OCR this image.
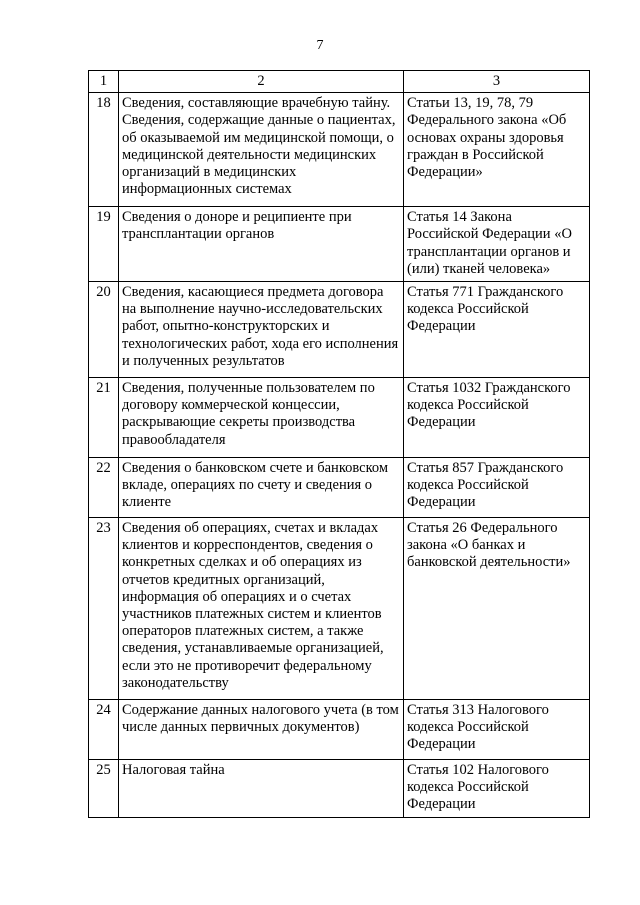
7
1	2	3
18	Сведения, составляющие врачебную тайну. Сведения, содержащие данные о пациентах, об оказываемой им медицинской помощи, о медицинской деятельности медицинских организаций в медицинских информационных системах	Статьи 13, 19, 78, 79 Федерального закона «Об основах охраны здоровья граждан в Российской Федерации»
19	Сведения о доноре и реципиенте при трансплантации органов	Статья 14 Закона Российской Федерации «О трансплантации органов и (или) тканей человека»
20	Сведения, касающиеся предмета договора на выполнение научно-исследовательских работ, опытно-конструкторских и технологических работ, хода его исполнения и полученных результатов	Статья 771 Гражданского кодекса Российской Федерации
21	Сведения, полученные пользователем по договору коммерческой концессии, раскрывающие секреты производства правообладателя	Статья 1032 Гражданского кодекса Российской Федерации
22	Сведения о банковском счете и банковском вкладе, операциях по счету и сведения о клиенте	Статья 857 Гражданского кодекса Российской Федерации
23	Сведения об операциях, счетах и вкладах клиентов и корреспондентов, сведения о конкретных сделках и об операциях из отчетов кредитных организаций, информация об операциях и о счетах участников платежных систем и клиентов операторов платежных систем, а также сведения, устанавливаемые организацией, если это не противоречит федеральному законодательству	Статья 26 Федерального закона «О банках и банковской деятельности»
24	Содержание данных налогового учета (в том числе данных первичных документов)	Статья 313 Налогового кодекса Российской Федерации
25	Налоговая тайна	Статья 102 Налогового кодекса Российской Федерации
